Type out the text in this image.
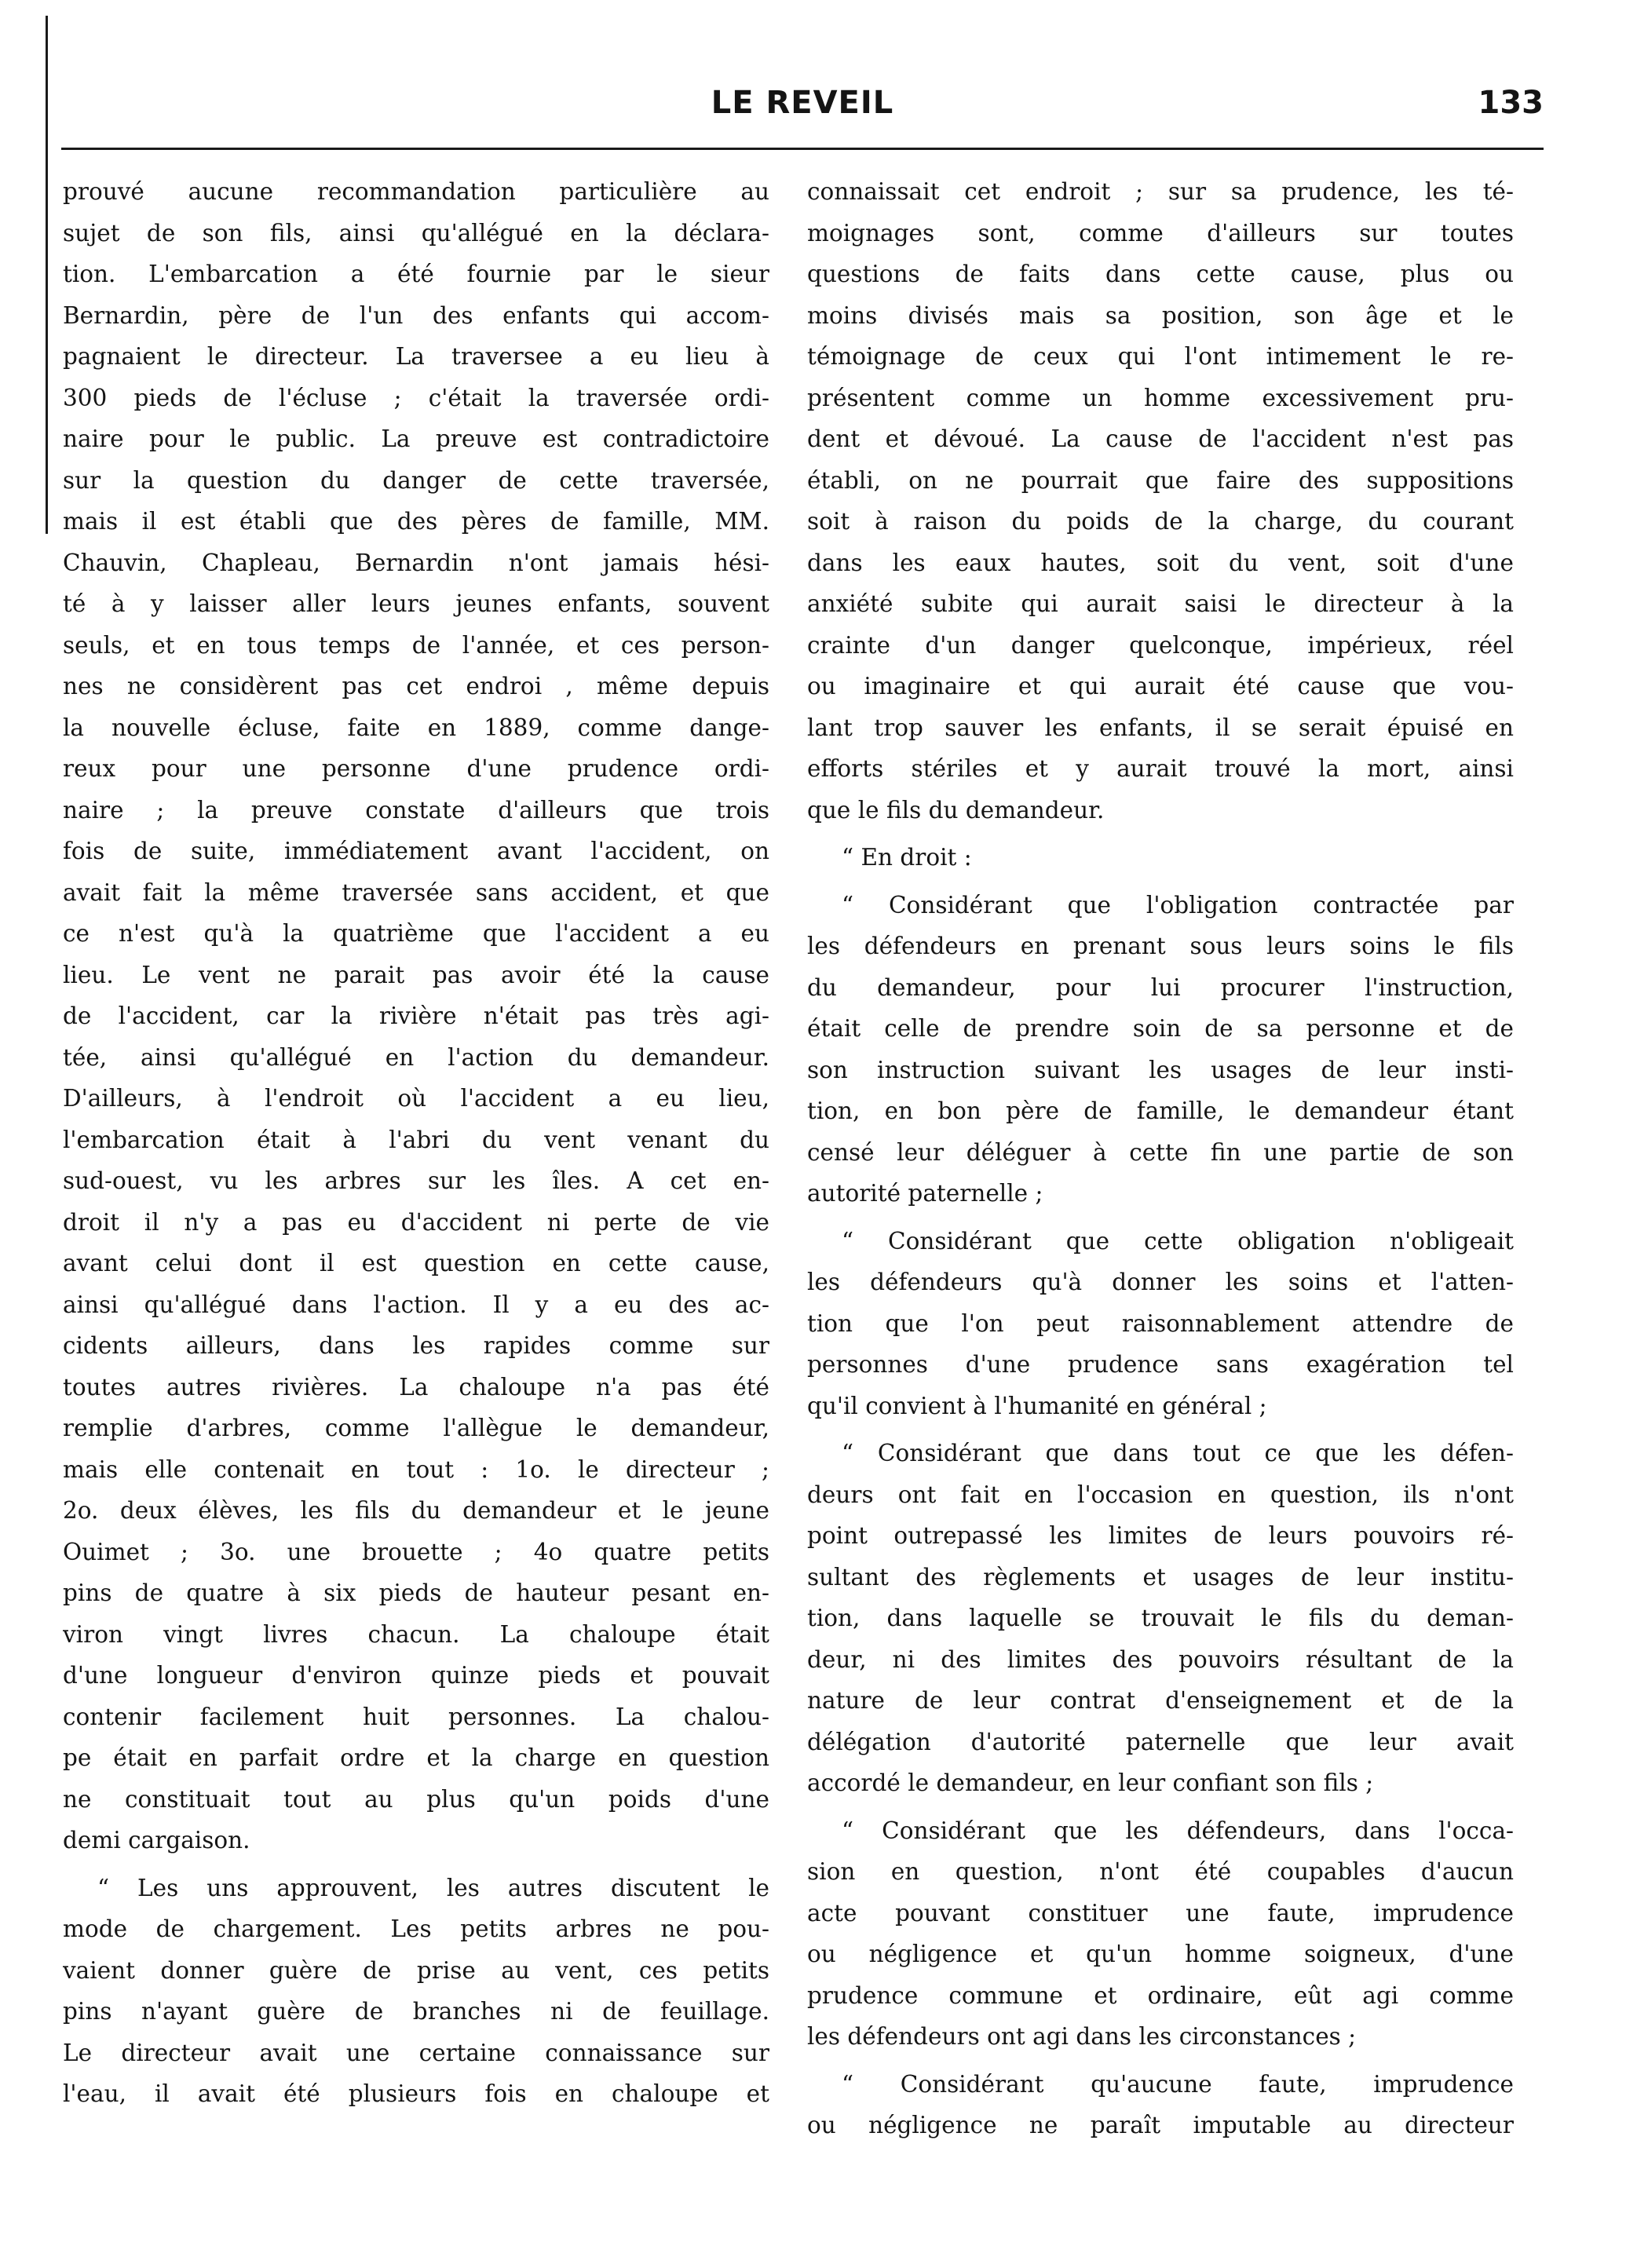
LE REVEIL	133
prouvé aucune recommandation particulière au
sujet de son fils, ainsi qu'allégué en la déclara-
tion. L'embarcation a été fournie par le sieur
Bernardin, père de l'un des enfants qui accom-
pagnaient le directeur. La traversee a eu lieu à
300 pieds de l'écluse ; c'était la traversée ordi-
naire pour le public. La preuve est contradictoire
sur la question du danger de cette traversée,
mais il est établi que des pères de famille, MM.
Chauvin, Chapleau, Bernardin n'ont jamais hési-
té à y laisser aller leurs jeunes enfants, souvent
seuls, et en tous temps de l'année, et ces person-
nes ne considèrent pas cet endroi , même depuis
la nouvelle écluse, faite en 1889, comme dange-
reux pour une personne d'une prudence ordi-
naire ; la preuve constate d'ailleurs que trois
fois de suite, immédiatement avant l'accident, on
avait fait la même traversée sans accident, et que
ce n'est qu'à la quatrième que l'accident a eu
lieu. Le vent ne parait pas avoir été la cause
de l'accident, car la rivière n'était pas très agi-
tée, ainsi qu'allégué en l'action du demandeur.
D'ailleurs, à l'endroit où l'accident a eu lieu,
l'embarcation était à l'abri du vent venant du
sud-ouest, vu les arbres sur les îles. A cet en-
droit il n'y a pas eu d'accident ni perte de vie
avant celui dont il est question en cette cause,
ainsi qu'allégué dans l'action. Il y a eu des ac-
cidents ailleurs, dans les rapides comme sur
toutes autres rivières. La chaloupe n'a pas été
remplie d'arbres, comme l'allègue le demandeur,
mais elle contenait en tout : 1o. le directeur ;
2o. deux élèves, les fils du demandeur et le jeune
Ouimet ; 3o. une brouette ; 4o quatre petits
pins de quatre à six pieds de hauteur pesant en-
viron vingt livres chacun. La chaloupe était
d'une longueur d'environ quinze pieds et pouvait
contenir facilement huit personnes. La chalou-
pe était en parfait ordre et la charge en question
ne constituait tout au plus qu'un poids d'une
demi cargaison.
“ Les uns approuvent, les autres discutent le
mode de chargement. Les petits arbres ne pou-
vaient donner guère de prise au vent, ces petits
pins n'ayant guère de branches ni de feuillage.
Le directeur avait une certaine connaissance sur
l'eau, il avait été plusieurs fois en chaloupe et
connaissait cet endroit ; sur sa prudence, les té-
moignages sont, comme d'ailleurs sur toutes
questions de faits dans cette cause, plus ou
moins divisés mais sa position, son âge et le
témoignage de ceux qui l'ont intimement le re-
présentent comme un homme excessivement pru-
dent et dévoué. La cause de l'accident n'est pas
établi, on ne pourrait que faire des suppositions
soit à raison du poids de la charge, du courant
dans les eaux hautes, soit du vent, soit d'une
anxiété subite qui aurait saisi le directeur à la
crainte d'un danger quelconque, impérieux, réel
ou imaginaire et qui aurait été cause que vou-
lant trop sauver les enfants, il se serait épuisé en
efforts stériles et y aurait trouvé la mort, ainsi
que le fils du demandeur.
“ En droit :
“ Considérant que l'obligation contractée par
les défendeurs en prenant sous leurs soins le fils
du demandeur, pour lui procurer l'instruction,
était celle de prendre soin de sa personne et de
son instruction suivant les usages de leur insti-
tion, en bon père de famille, le demandeur étant
censé leur déléguer à cette fin une partie de son
autorité paternelle ;
“ Considérant que cette obligation n'obligeait
les défendeurs qu'à donner les soins et l'atten-
tion que l'on peut raisonnablement attendre de
personnes d'une prudence sans exagération tel
qu'il convient à l'humanité en général ;
“ Considérant que dans tout ce que les défen-
deurs ont fait en l'occasion en question, ils n'ont
point outrepassé les limites de leurs pouvoirs ré-
sultant des règlements et usages de leur institu-
tion, dans laquelle se trouvait le fils du deman-
deur, ni des limites des pouvoirs résultant de la
nature de leur contrat d'enseignement et de la
délégation d'autorité paternelle que leur avait
accordé le demandeur, en leur confiant son fils ;
“ Considérant que les défendeurs, dans l'occa-
sion en question, n'ont été coupables d'aucun
acte pouvant constituer une faute, imprudence
ou négligence et qu'un homme soigneux, d'une
prudence commune et ordinaire, eût agi comme
les défendeurs ont agi dans les circonstances ;
“ Considérant qu'aucune faute, imprudence
ou négligence ne paraît imputable au directeur
